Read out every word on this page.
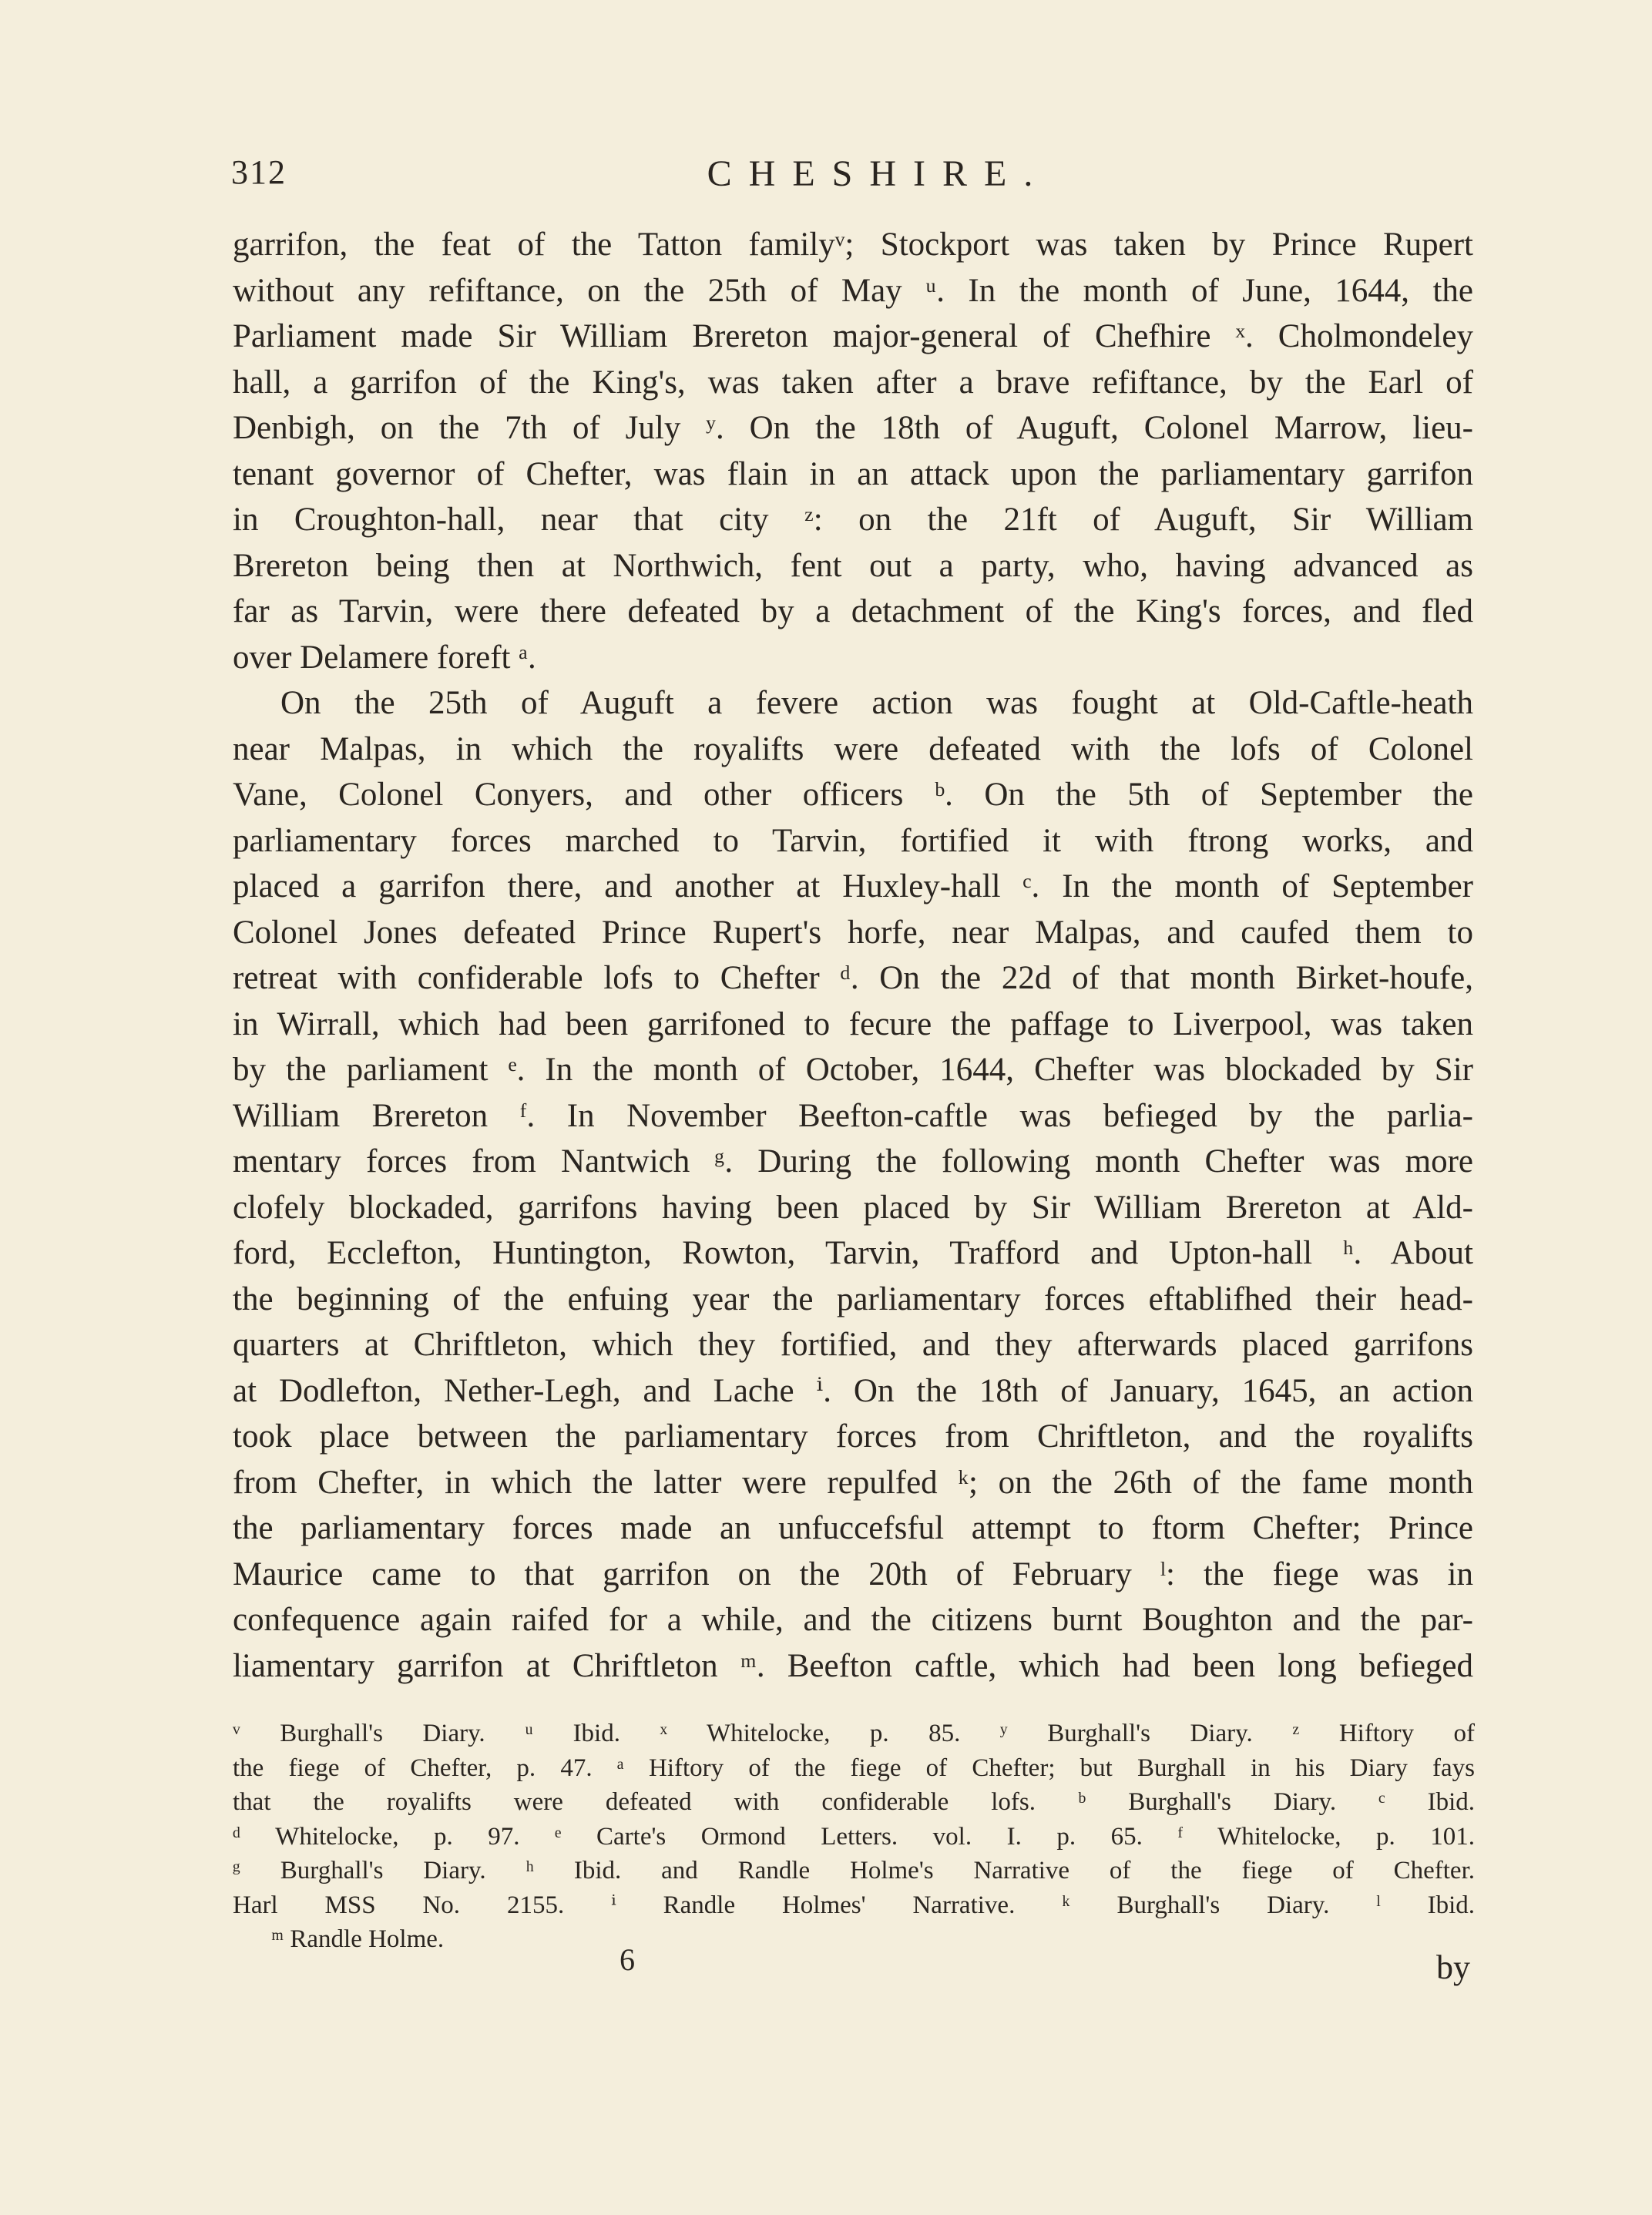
312	CHESHIRE.
garrifon, the feat of the Tatton familyᵛ; Stockport was taken by Prince Rupert
without any refiftance, on the 25th of May ᵘ. In the month of June, 1644, the
Parliament made Sir William Brereton major-general of Chefhire ˣ. Cholmondeley
hall, a garrifon of the King's, was taken after a brave refiftance, by the Earl of
Denbigh, on the 7th of July ʸ. On the 18th of Auguft, Colonel Marrow, lieu-
tenant governor of Chefter, was flain in an attack upon the parliamentary garrifon
in Croughton-hall, near that city ᶻ: on the 21ft of Auguft, Sir William
Brereton being then at Northwich, fent out a party, who, having advanced as
far as Tarvin, were there defeated by a detachment of the King's forces, and fled
over Delamere foreft ᵃ.
On the 25th of Auguft a fevere action was fought at Old-Caftle-heath
near Malpas, in which the royalifts were defeated with the lofs of Colonel
Vane, Colonel Conyers, and other officers ᵇ. On the 5th of September the
parliamentary forces marched to Tarvin, fortified it with ftrong works, and
placed a garrifon there, and another at Huxley-hall ᶜ. In the month of September
Colonel Jones defeated Prince Rupert's horfe, near Malpas, and caufed them to
retreat with confiderable lofs to Chefter ᵈ. On the 22d of that month Birket-houfe,
in Wirrall, which had been garrifoned to fecure the paffage to Liverpool, was taken
by the parliament ᵉ. In the month of October, 1644, Chefter was blockaded by Sir
William Brereton ᶠ. In November Beefton-caftle was befieged by the parlia-
mentary forces from Nantwich ᵍ. During the following month Chefter was more
clofely blockaded, garrifons having been placed by Sir William Brereton at Ald-
ford, Ecclefton, Huntington, Rowton, Tarvin, Trafford and Upton-hall ʰ. About
the beginning of the enfuing year the parliamentary forces eftablifhed their head-
quarters at Chriftleton, which they fortified, and they afterwards placed garrifons
at Dodlefton, Nether-Legh, and Lache ⁱ. On the 18th of January, 1645, an action
took place between the parliamentary forces from Chriftleton, and the royalifts
from Chefter, in which the latter were repulfed ᵏ; on the 26th of the fame month
the parliamentary forces made an unfuccefsful attempt to ftorm Chefter; Prince
Maurice came to that garrifon on the 20th of February ˡ: the fiege was in
confequence again raifed for a while, and the citizens burnt Boughton and the par-
liamentary garrifon at Chriftleton ᵐ. Beefton caftle, which had been long befieged
ᵛ Burghall's Diary. ᵘ Ibid. ˣ Whitelocke, p. 85. ʸ Burghall's Diary. ᶻ Hiftory of
the fiege of Chefter, p. 47. ᵃ Hiftory of the fiege of Chefter; but Burghall in his Diary fays
that the royalifts were defeated with confiderable lofs. ᵇ Burghall's Diary. ᶜ Ibid.
ᵈ Whitelocke, p. 97. ᵉ Carte's Ormond Letters. vol. I. p. 65. ᶠ Whitelocke, p. 101.
ᵍ Burghall's Diary. ʰ Ibid. and Randle Holme's Narrative of the fiege of Chefter.
Harl MSS No. 2155. ⁱ Randle Holmes' Narrative. ᵏ Burghall's Diary. ˡ Ibid.
ᵐ Randle Holme.
6	by
